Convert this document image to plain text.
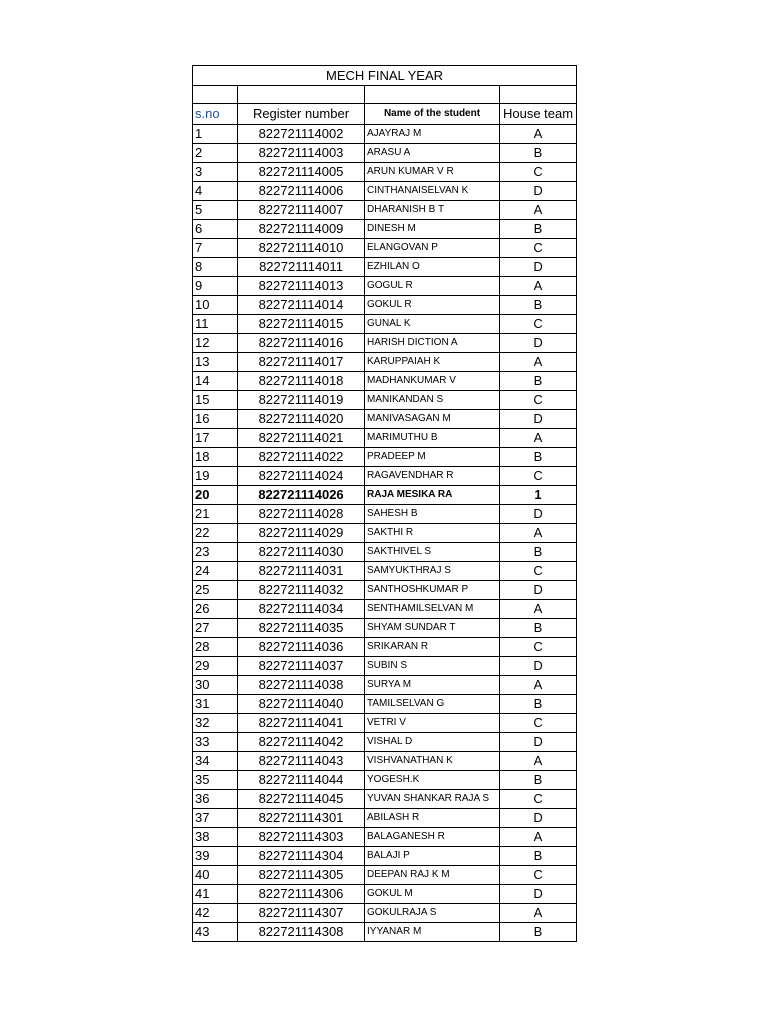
MECH FINAL YEAR			

s.no	Register number	Name of the student	House team
1	822721114002	AJAYRAJ M	A
2	822721114003	ARASU A	B
3	822721114005	ARUN KUMAR V R	C
4	822721114006	CINTHANAISELVAN K	D
5	822721114007	DHARANISH B T	A
6	822721114009	DINESH M	B
7	822721114010	ELANGOVAN P	C
8	822721114011	EZHILAN O	D
9	822721114013	GOGUL R	A
10	822721114014	GOKUL R	B
11	822721114015	GUNAL K	C
12	822721114016	HARISH DICTION A	D
13	822721114017	KARUPPAIAH K	A
14	822721114018	MADHANKUMAR V	B
15	822721114019	MANIKANDAN S	C
16	822721114020	MANIVASAGAN M	D
17	822721114021	MARIMUTHU B	A
18	822721114022	PRADEEP M	B
19	822721114024	RAGAVENDHAR R	C
20	822721114026	RAJA MESIKA RA	1
21	822721114028	SAHESH B	D
22	822721114029	SAKTHI R	A
23	822721114030	SAKTHIVEL S	B
24	822721114031	SAMYUKTHRAJ S	C
25	822721114032	SANTHOSHKUMAR P	D
26	822721114034	SENTHAMILSELVAN M	A
27	822721114035	SHYAM SUNDAR T	B
28	822721114036	SRIKARAN R	C
29	822721114037	SUBIN S	D
30	822721114038	SURYA M	A
31	822721114040	TAMILSELVAN G	B
32	822721114041	VETRI V	C
33	822721114042	VISHAL D	D
34	822721114043	VISHVANATHAN K	A
35	822721114044	YOGESH.K	B
36	822721114045	YUVAN SHANKAR RAJA S	C
37	822721114301	ABILASH R	D
38	822721114303	BALAGANESH R	A
39	822721114304	BALAJI P	B
40	822721114305	DEEPAN RAJ K M	C
41	822721114306	GOKUL M	D
42	822721114307	GOKULRAJA S	A
43	822721114308	IYYANAR M	B
